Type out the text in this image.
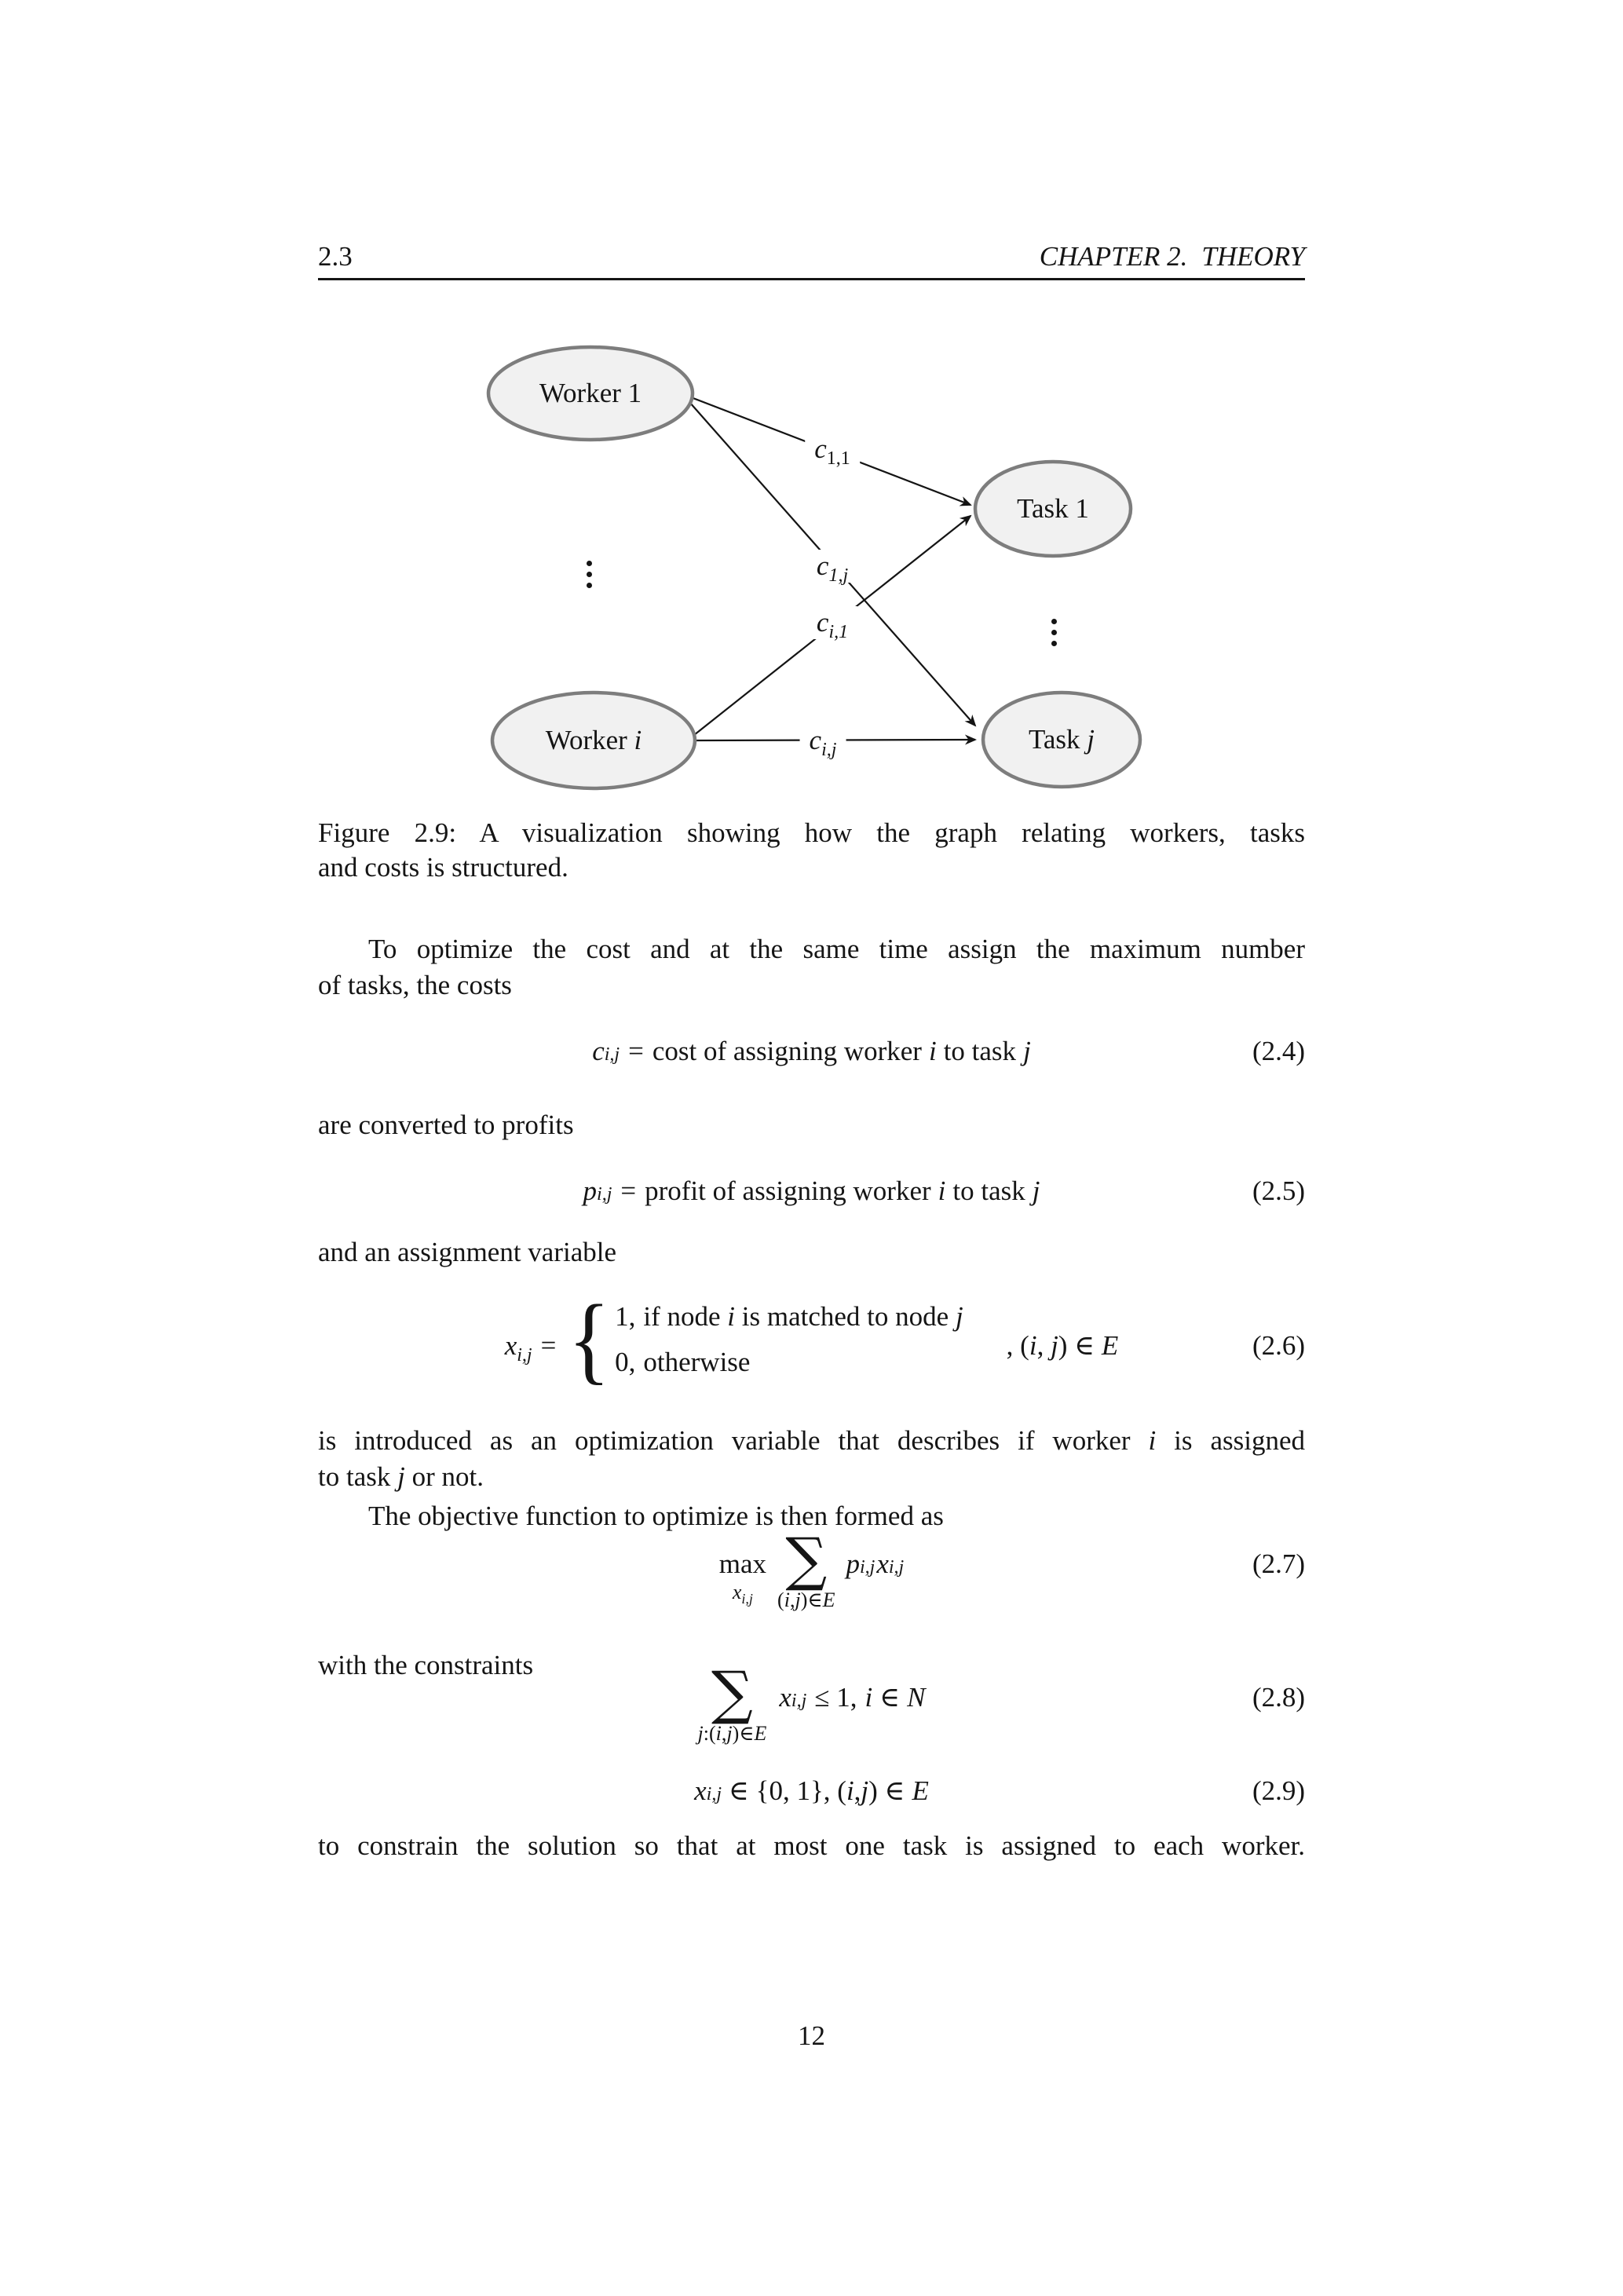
2.3	CHAPTER 2. THEORY
Worker 1
Task 1
Worker i	Task j
$c_{1,1}$
$c_{1,j}$
$c_{i,1}$
$c_{i,j}$
Figure 2.9: A visualization showing how the graph relating workers, tasks
and costs is structured.
To optimize the cost and at the same time assign the maximum number
of tasks, the costs
c i,j = cost of assigning worker i to task j	(2.4)
are converted to profits
p i,j = profit of assigning worker i to task j	(2.5)
and an assignment variable
$x_{i,j}$ = { 1, if node i is matched to node j
0, otherwise
, (i, j) ∈ E	(2.6)
is introduced as an optimization variable that describes if worker i is assigned
to task j or not.
The objective function to optimize is then formed as
max
$x_{i,j}$
∑
(i,j)∈E
p i,j x i,j	(2.7)
with the constraints	∑
j:(i,j)∈E
x i,j ≤ 1, i ∈ N	(2.8)
x i,j ∈ {0, 1}, ( i , j ) ∈ E	(2.9)
to constrain the solution so that at most one task is assigned to each worker.
12
